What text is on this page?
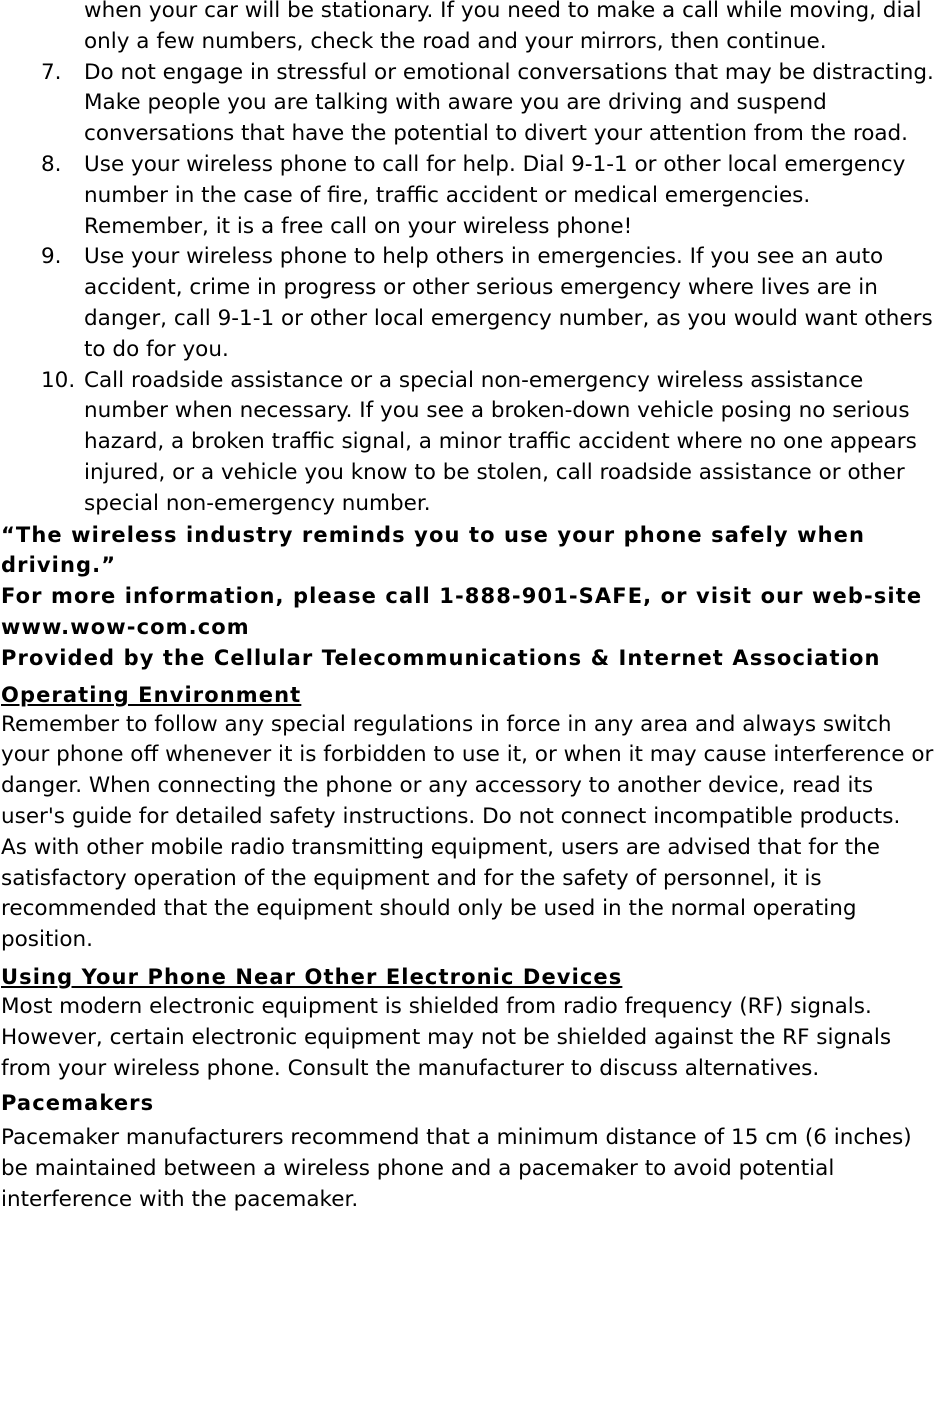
when your car will be stationary. If you need to make a call while moving, dial only a few numbers, check the road and your mirrors, then continue.
7. Do not engage in stressful or emotional conversations that may be distracting. Make people you are talking with aware you are driving and suspend conversations that have the potential to divert your attention from the road.
8. Use your wireless phone to call for help. Dial 9-1-1 or other local emergency number in the case of fire, traffic accident or medical emergencies. Remember, it is a free call on your wireless phone!
9. Use your wireless phone to help others in emergencies. If you see an auto accident, crime in progress or other serious emergency where lives are in danger, call 9-1-1 or other local emergency number, as you would want others to do for you.
10. Call roadside assistance or a special non-emergency wireless assistance number when necessary. If you see a broken-down vehicle posing no serious hazard, a broken traffic signal, a minor traffic accident where no one appears injured, or a vehicle you know to be stolen, call roadside assistance or other special non-emergency number.

“The wireless industry reminds you to use your phone safely when driving.”

For more information, please call 1-888-901-SAFE, or visit our web-site www.wow-com.com

Provided by the Cellular Telecommunications & Internet Association

Operating Environment

Remember to follow any special regulations in force in any area and always switch your phone off whenever it is forbidden to use it, or when it may cause interference or danger. When connecting the phone or any accessory to another device, read its user's guide for detailed safety instructions. Do not connect incompatible products.

As with other mobile radio transmitting equipment, users are advised that for the satisfactory operation of the equipment and for the safety of personnel, it is recommended that the equipment should only be used in the normal operating position.

Using Your Phone Near Other Electronic Devices

Most modern electronic equipment is shielded from radio frequency (RF) signals. However, certain electronic equipment may not be shielded against the RF signals from your wireless phone. Consult the manufacturer to discuss alternatives.

Pacemakers

Pacemaker manufacturers recommend that a minimum distance of 15 cm (6 inches) be maintained between a wireless phone and a pacemaker to avoid potential interference with the pacemaker.
